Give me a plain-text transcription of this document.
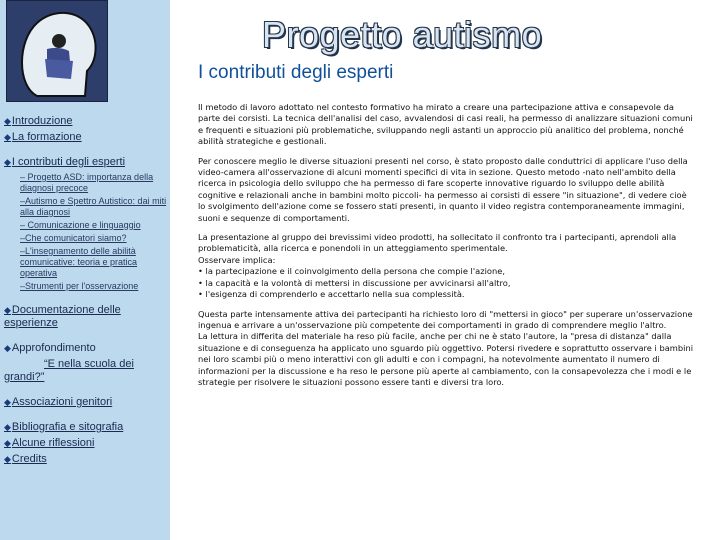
◆Introduzione
◆La formazione
◆I contributi degli esperti
– Progetto ASD: importanza della diagnosi precoce
–Autismo e Spettro Autistico: dai miti alla diagnosi
– Comunicazione e linguaggio
–Che comunicatori siamo?
–L'insegnamento delle abilità comunicative: teoria e pratica operativa
–Strumenti per l'osservazione
◆Documentazione delle esperienze
◆Approfondimento
“E nella scuola dei grandi?”
◆Associazioni genitori
◆Bibliografia e sitografia
◆Alcune riflessioni
◆Credits
Progetto autismo
I contributi degli esperti

Il metodo di lavoro adottato nel contesto formativo ha mirato a creare una partecipazione attiva e consapevole da parte dei corsisti. La tecnica dell'analisi del caso, avvalendosi di casi reali, ha permesso di analizzare situazioni comuni e frequenti e situazioni più problematiche, sviluppando negli astanti un approccio più analitico del problema, nonché abilità strategiche e gestionali.

Per conoscere meglio le diverse situazioni presenti nel corso, è stato proposto dalle conduttrici di applicare l'uso della video-camera all'osservazione di alcuni momenti specifici di vita in sezione. Questo metodo -nato nell'ambito della ricerca in psicologia dello sviluppo che ha permesso di fare scoperte innovative riguardo lo sviluppo delle abilità cognitive e relazionali anche in bambini molto piccoli- ha permesso ai corsisti di essere "in situazione", di vedere cioè lo svolgimento dell'azione come se fossero stati presenti, in quanto il video registra contemporaneamente immagini, suoni e sequenze di comportamenti.

La presentazione al gruppo dei brevissimi video prodotti, ha sollecitato il confronto tra i partecipanti, aprendoli alla problematicità, alla ricerca e ponendoli in un atteggiamento sperimentale.
Osservare implica:
• la partecipazione e il coinvolgimento della persona che compie l'azione,
• la capacità e la volontà di mettersi in discussione per avvicinarsi all'altro,
• l'esigenza di comprenderlo e accettarlo nella sua complessità.
Questa parte intensamente attiva dei partecipanti ha richiesto loro di "mettersi in gioco" per superare un'osservazione ingenua e arrivare a un'osservazione più competente dei comportamenti in grado di comprendere meglio l'altro.
La lettura in differita del materiale ha reso più facile, anche per chi ne è stato l'autore, la "presa di distanza" dalla situazione e di conseguenza ha applicato uno sguardo più oggettivo. Potersi rivedere e soprattutto osservare i bambini nei loro scambi più o meno interattivi con gli adulti e con i compagni, ha notevolmente aumentato il numero di informazioni per la discussione e ha reso le persone più aperte al cambiamento, con la consapevolezza che i modi e le strategie per risolvere le situazioni possono essere tanti e diversi tra loro.
